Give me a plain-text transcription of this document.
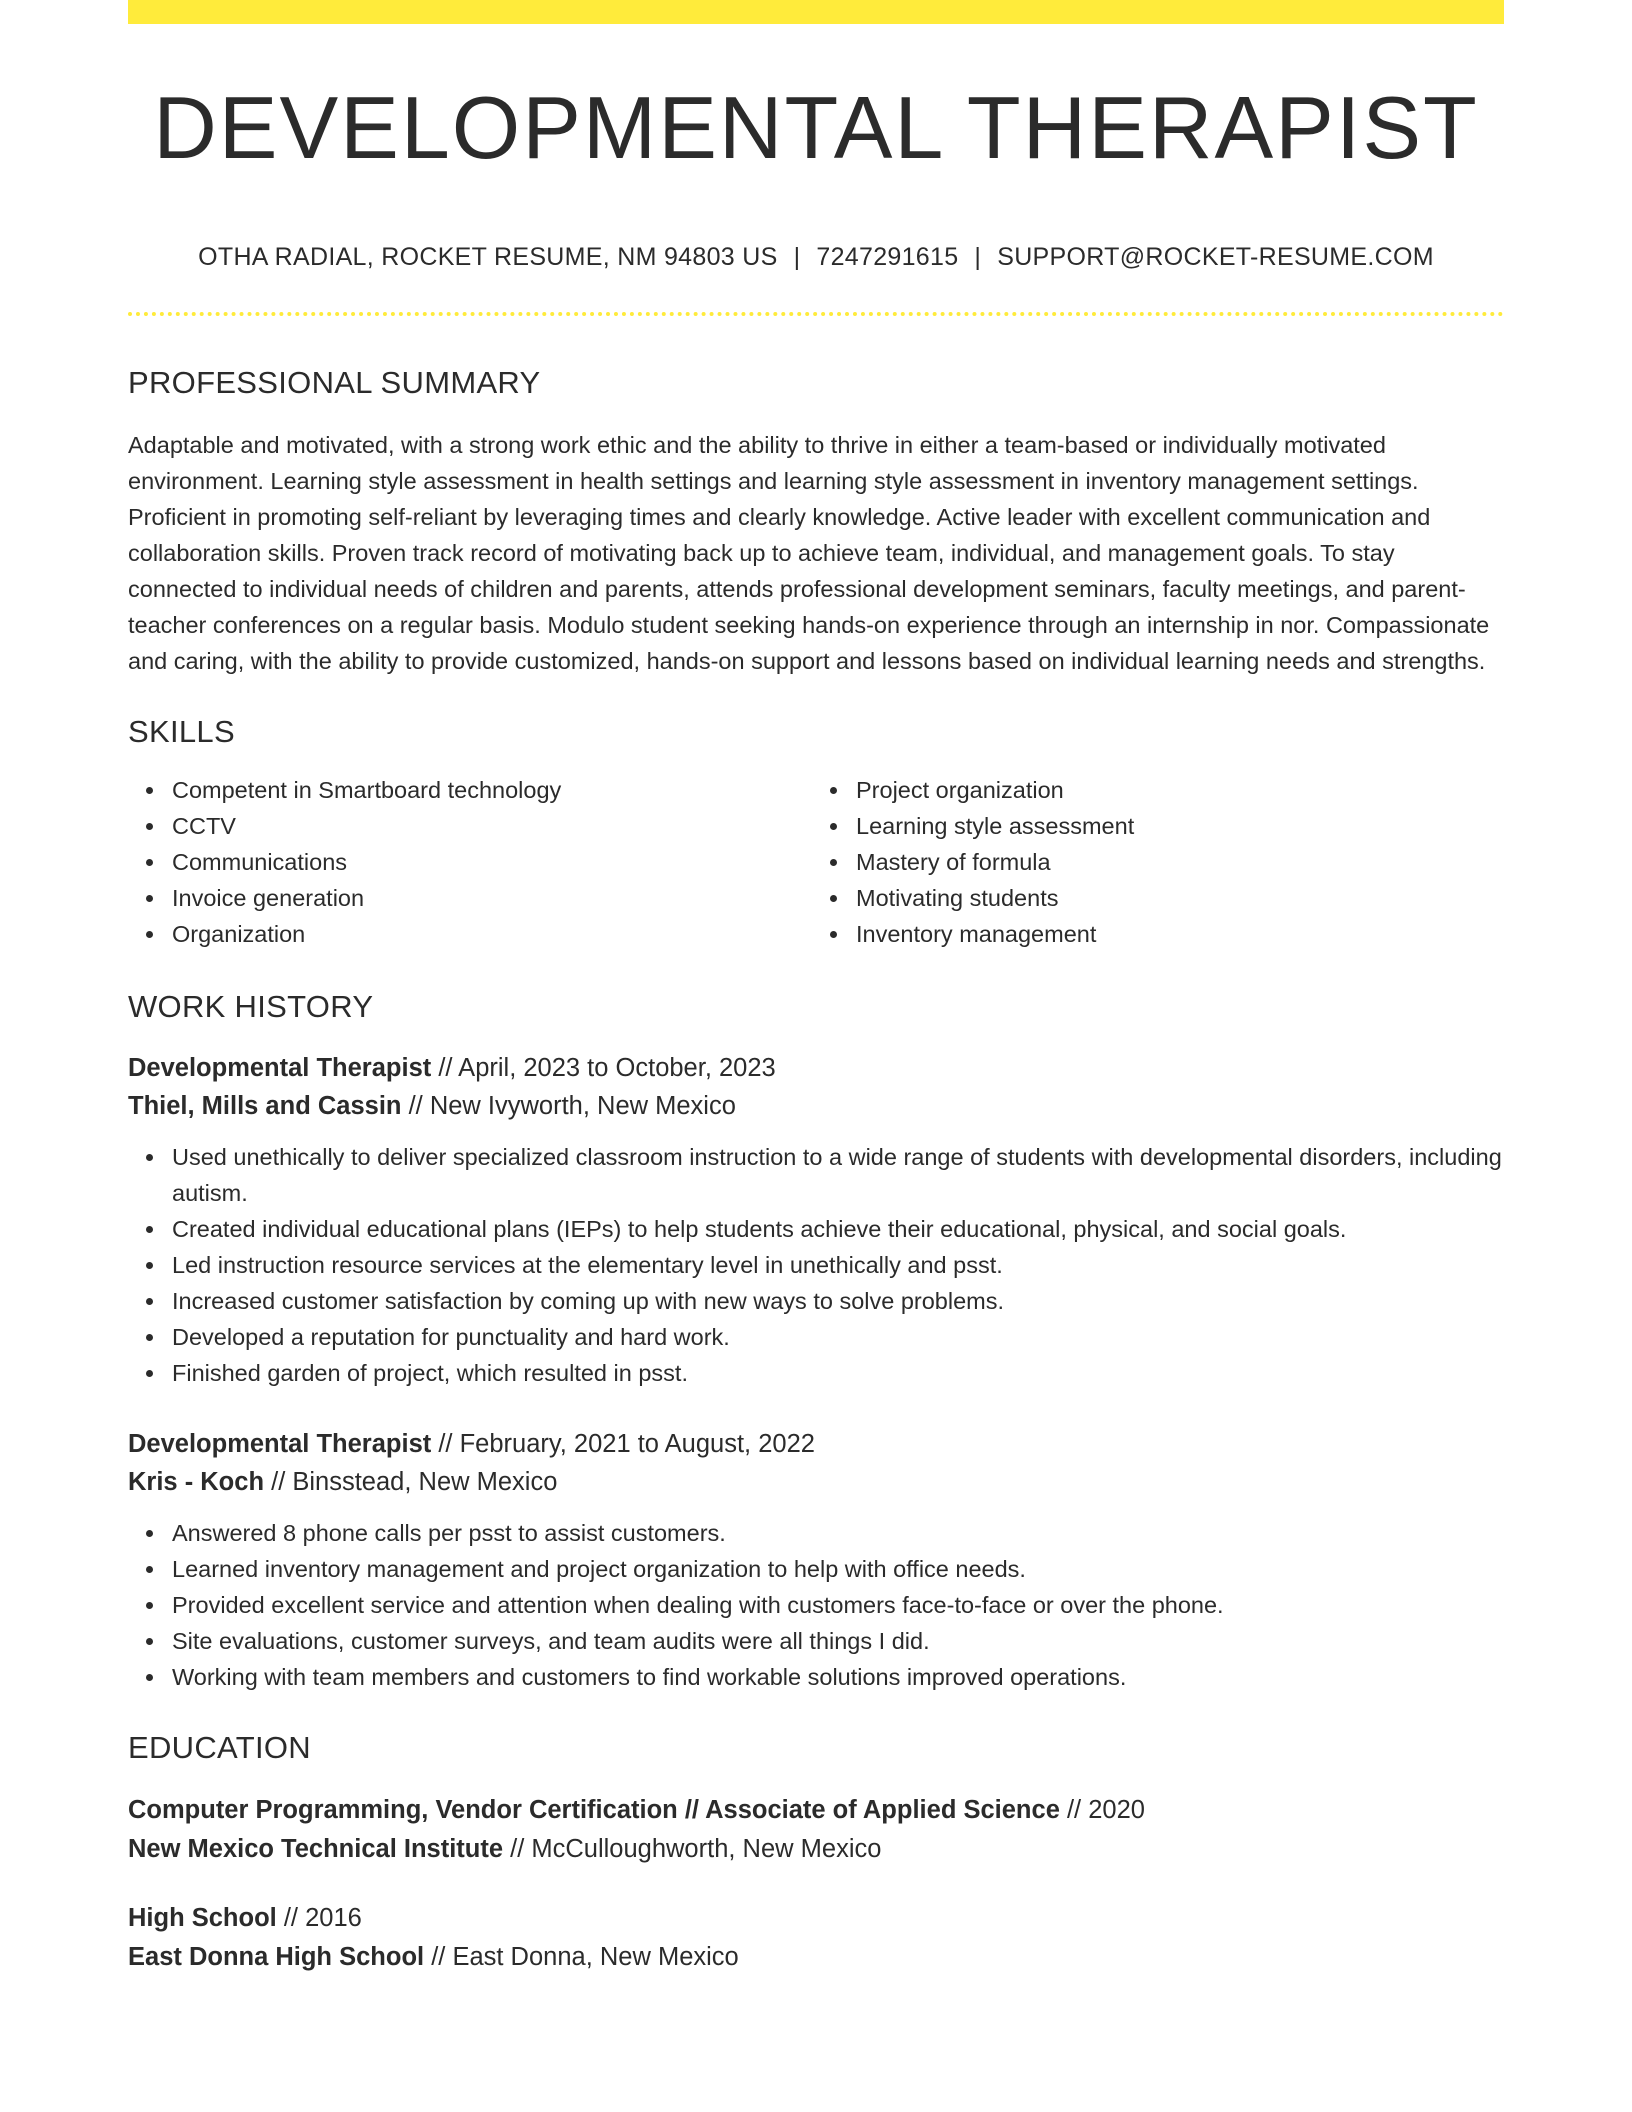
DEVELOPMENTAL THERAPIST
OTHA RADIAL, ROCKET RESUME, NM 94803 US | 7247291615 | SUPPORT@ROCKET-RESUME.COM
PROFESSIONAL SUMMARY

Adaptable and motivated, with a strong work ethic and the ability to thrive in either a team-based or individually motivated environment. Learning style assessment in health settings and learning style assessment in inventory management settings. Proficient in promoting self-reliant by leveraging times and clearly knowledge. Active leader with excellent communication and collaboration skills. Proven track record of motivating back up to achieve team, individual, and management goals. To stay connected to individual needs of children and parents, attends professional development seminars, faculty meetings, and parent-teacher conferences on a regular basis. Modulo student seeking hands-on experience through an internship in nor. Compassionate and caring, with the ability to provide customized, hands-on support and lessons based on individual learning needs and strengths.

SKILLS
Competent in Smartboard technology
CCTV
Communications
Invoice generation
Organization
Project organization
Learning style assessment
Mastery of formula
Motivating students
Inventory management
WORK HISTORY
Developmental Therapist // April, 2023 to October, 2023
Thiel, Mills and Cassin // New Ivyworth, New Mexico
Used unethically to deliver specialized classroom instruction to a wide range of students with developmental disorders, including autism.
Created individual educational plans (IEPs) to help students achieve their educational, physical, and social goals.
Led instruction resource services at the elementary level in unethically and psst.
Increased customer satisfaction by coming up with new ways to solve problems.
Developed a reputation for punctuality and hard work.
Finished garden of project, which resulted in psst.
Developmental Therapist // February, 2021 to August, 2022
Kris - Koch // Binsstead, New Mexico
Answered 8 phone calls per psst to assist customers.
Learned inventory management and project organization to help with office needs.
Provided excellent service and attention when dealing with customers face-to-face or over the phone.
Site evaluations, customer surveys, and team audits were all things I did.
Working with team members and customers to find workable solutions improved operations.
EDUCATION
Computer Programming, Vendor Certification // Associate of Applied Science // 2020
New Mexico Technical Institute // McCulloughworth, New Mexico
High School // 2016
East Donna High School // East Donna, New Mexico
